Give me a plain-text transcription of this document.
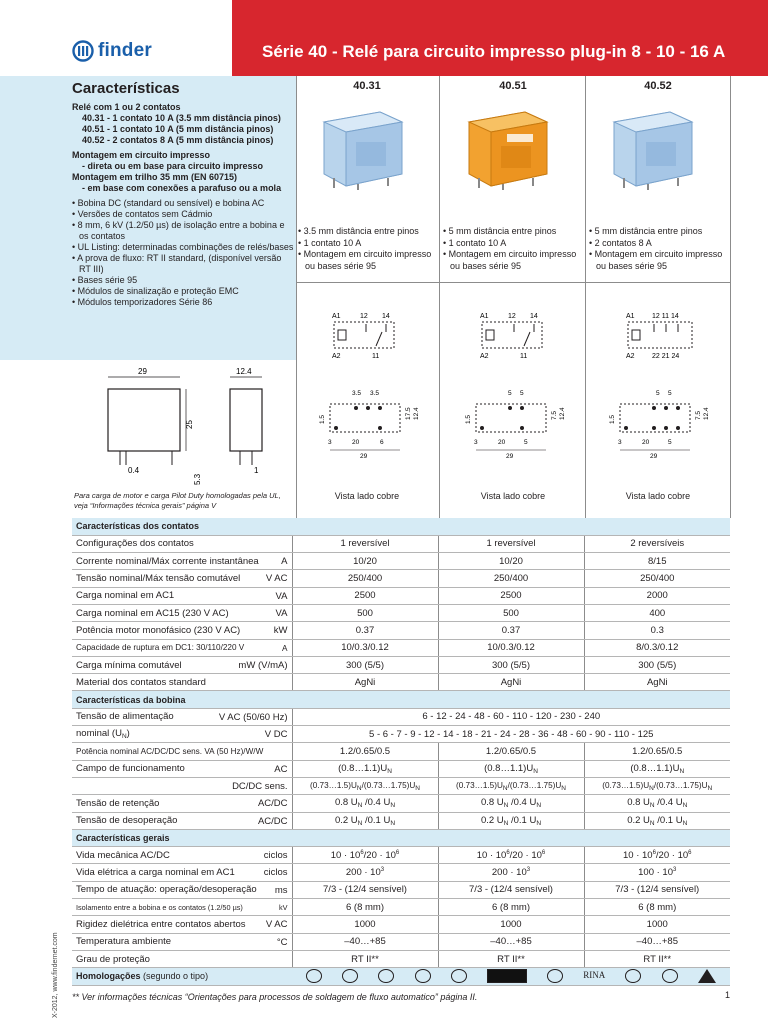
finder	Série 40 - Relé para circuito impresso plug-in 8 - 10 - 16 A
Características
Relé com 1 ou 2 contatos
40.31 - 1 contato 10 A (3.5 mm distância pinos)
40.51 - 1 contato 10 A (5 mm distância pinos)
40.52 - 2 contatos 8 A (5 mm distância pinos)
Montagem em circuito impresso
- direta ou em base para circuito impresso
Montagem em trilho 35 mm (EN 60715)
- em base com conexões a parafuso ou a mola
• Bobina DC (standard ou sensível) e bobina AC
• Versões de contatos sem Cádmio
• 8 mm, 6 kV (1.2/50 µs) de isolação entre a bobina e os contatos
• UL Listing: determinadas combinações de relés/bases
• A prova de fluxo: RT II standard, (disponível versão RT III)
• Bases série 95
• Módulos de sinalização e proteção EMC
• Módulos temporizadores Série 86
40.31	40.51	40.52
• 3.5 mm distância entre pinos
• 1 contato 10 A
• Montagem em circuito impresso ou bases série 95
• 5 mm distância entre pinos
• 1 contato 10 A
• Montagem em circuito impresso ou bases série 95
• 5 mm distância entre pinos
• 2 contatos 8 A
• Montagem em circuito impresso ou bases série 95
A1	12 14
A2	11
A1	12 14
A2	11
A1 12 11 14
A2 22 21 24
29
0.4
25
5.3
12.4
1
3.5 3.5
1.5	17.5 12.4
3	20	6
29
5 5
1.5	7.5 12.4
3	20	5
29
5 5
1.5	7.5 12.4
3	20	5
29
Vista lado cobre	Vista lado cobre	Vista lado cobre
Para carga de motor e carga Pilot Duty homologadas pela UL, veja “Informações técnica gerais” página V
Características dos contatos			
Configurações dos contatos	1 reversível	1 reversível	2 reversíveis
Corrente nominal/Máx corrente instantânea A	10/20	10/20	8/15
Tensão nominal/Máx tensão comutável V AC	250/400	250/400	250/400
Carga nominal em AC1 VA	2500	2500	2000
Carga nominal em AC15 (230 V AC) VA	500	500	400
Potência motor monofásico (230 V AC) kW	0.37	0.37	0.3
Capacidade de ruptura em DC1: 30/110/220 V A	10/0.3/0.12	10/0.3/0.12	8/0.3/0.12
Carga mínima comutável mW (V/mA)	300 (5/5)	300 (5/5)	300 (5/5)
Material dos contatos standard	AgNi	AgNi	AgNi
Características da bobina			
Tensão de alimentação V AC (50/60 Hz)	6 - 12 - 24 - 48 - 60 - 110 - 120 - 230 - 240		
nominal $(U_N)$ V DC	5 - 6 - 7 - 9 - 12 - 14 - 18 - 21 - 24 - 28 - 36 - 48 - 60 - 90 - 110 - 125		
Potência nominal AC/DC/DC sens. VA (50 Hz)/W/W	1.2/0.65/0.5	1.2/0.65/0.5	1.2/0.65/0.5
Campo de funcionamento AC	$(0.8\dots 1.1)U_N$	$(0.8\dots 1.1)U_N$	$(0.8\dots 1.1)U_N$

DC/DC sens.	$(0.73\dots 1.5)U_N/(0.73\dots 1.75)U_N$	$(0.73\dots 1.5)U_N/(0.73\dots 1.75)U_N$	$(0.73\dots 1.5)U_N/(0.73\dots 1.75)U_N$
Tensão de retenção AC/DC	0.8 $U_N$ /0.4 $U_N$	0.8 $U_N$ /0.4 $U_N$	0.8 $U_N$ /0.4 $U_N$
Tensão de desoperação AC/DC	0.2 $U_N$ /0.1 $U_N$	0.2 $U_N$ /0.1 $U_N$	0.2 $U_N$ /0.1 $U_N$
Características gerais			
Vida mecânica AC/DC ciclos	$10 \cdot 10^6/20 \cdot 10^6$	$10 \cdot 10^6/20 \cdot 10^6$	$10 \cdot 10^6/20 \cdot 10^6$
Vida elétrica a carga nominal em AC1 ciclos	$200 \cdot 10^3$	$200 \cdot 10^3$	$100 \cdot 10^3$
Tempo de atuação: operação/desoperação ms	7/3 - (12/4 sensível)	7/3 - (12/4 sensível)	7/3 - (12/4 sensível)
Isolamento entre a bobina e os contatos (1.2/50 µs) kV	6 (8 mm)	6 (8 mm)	6 (8 mm)
Rigidez dielétrica entre contatos abertos V AC	1000	1000	1000
Temperatura ambiente °C	–40…+85	–40…+85	–40…+85
Grau de proteção	RT II**	RT II**	RT II**
Homologações (segundo o tipo)	RINA		
** Ver informações técnicas “Orientações para processos de soldagem de fluxo automatico” página II.
X-2012, www.findernet.com	1
